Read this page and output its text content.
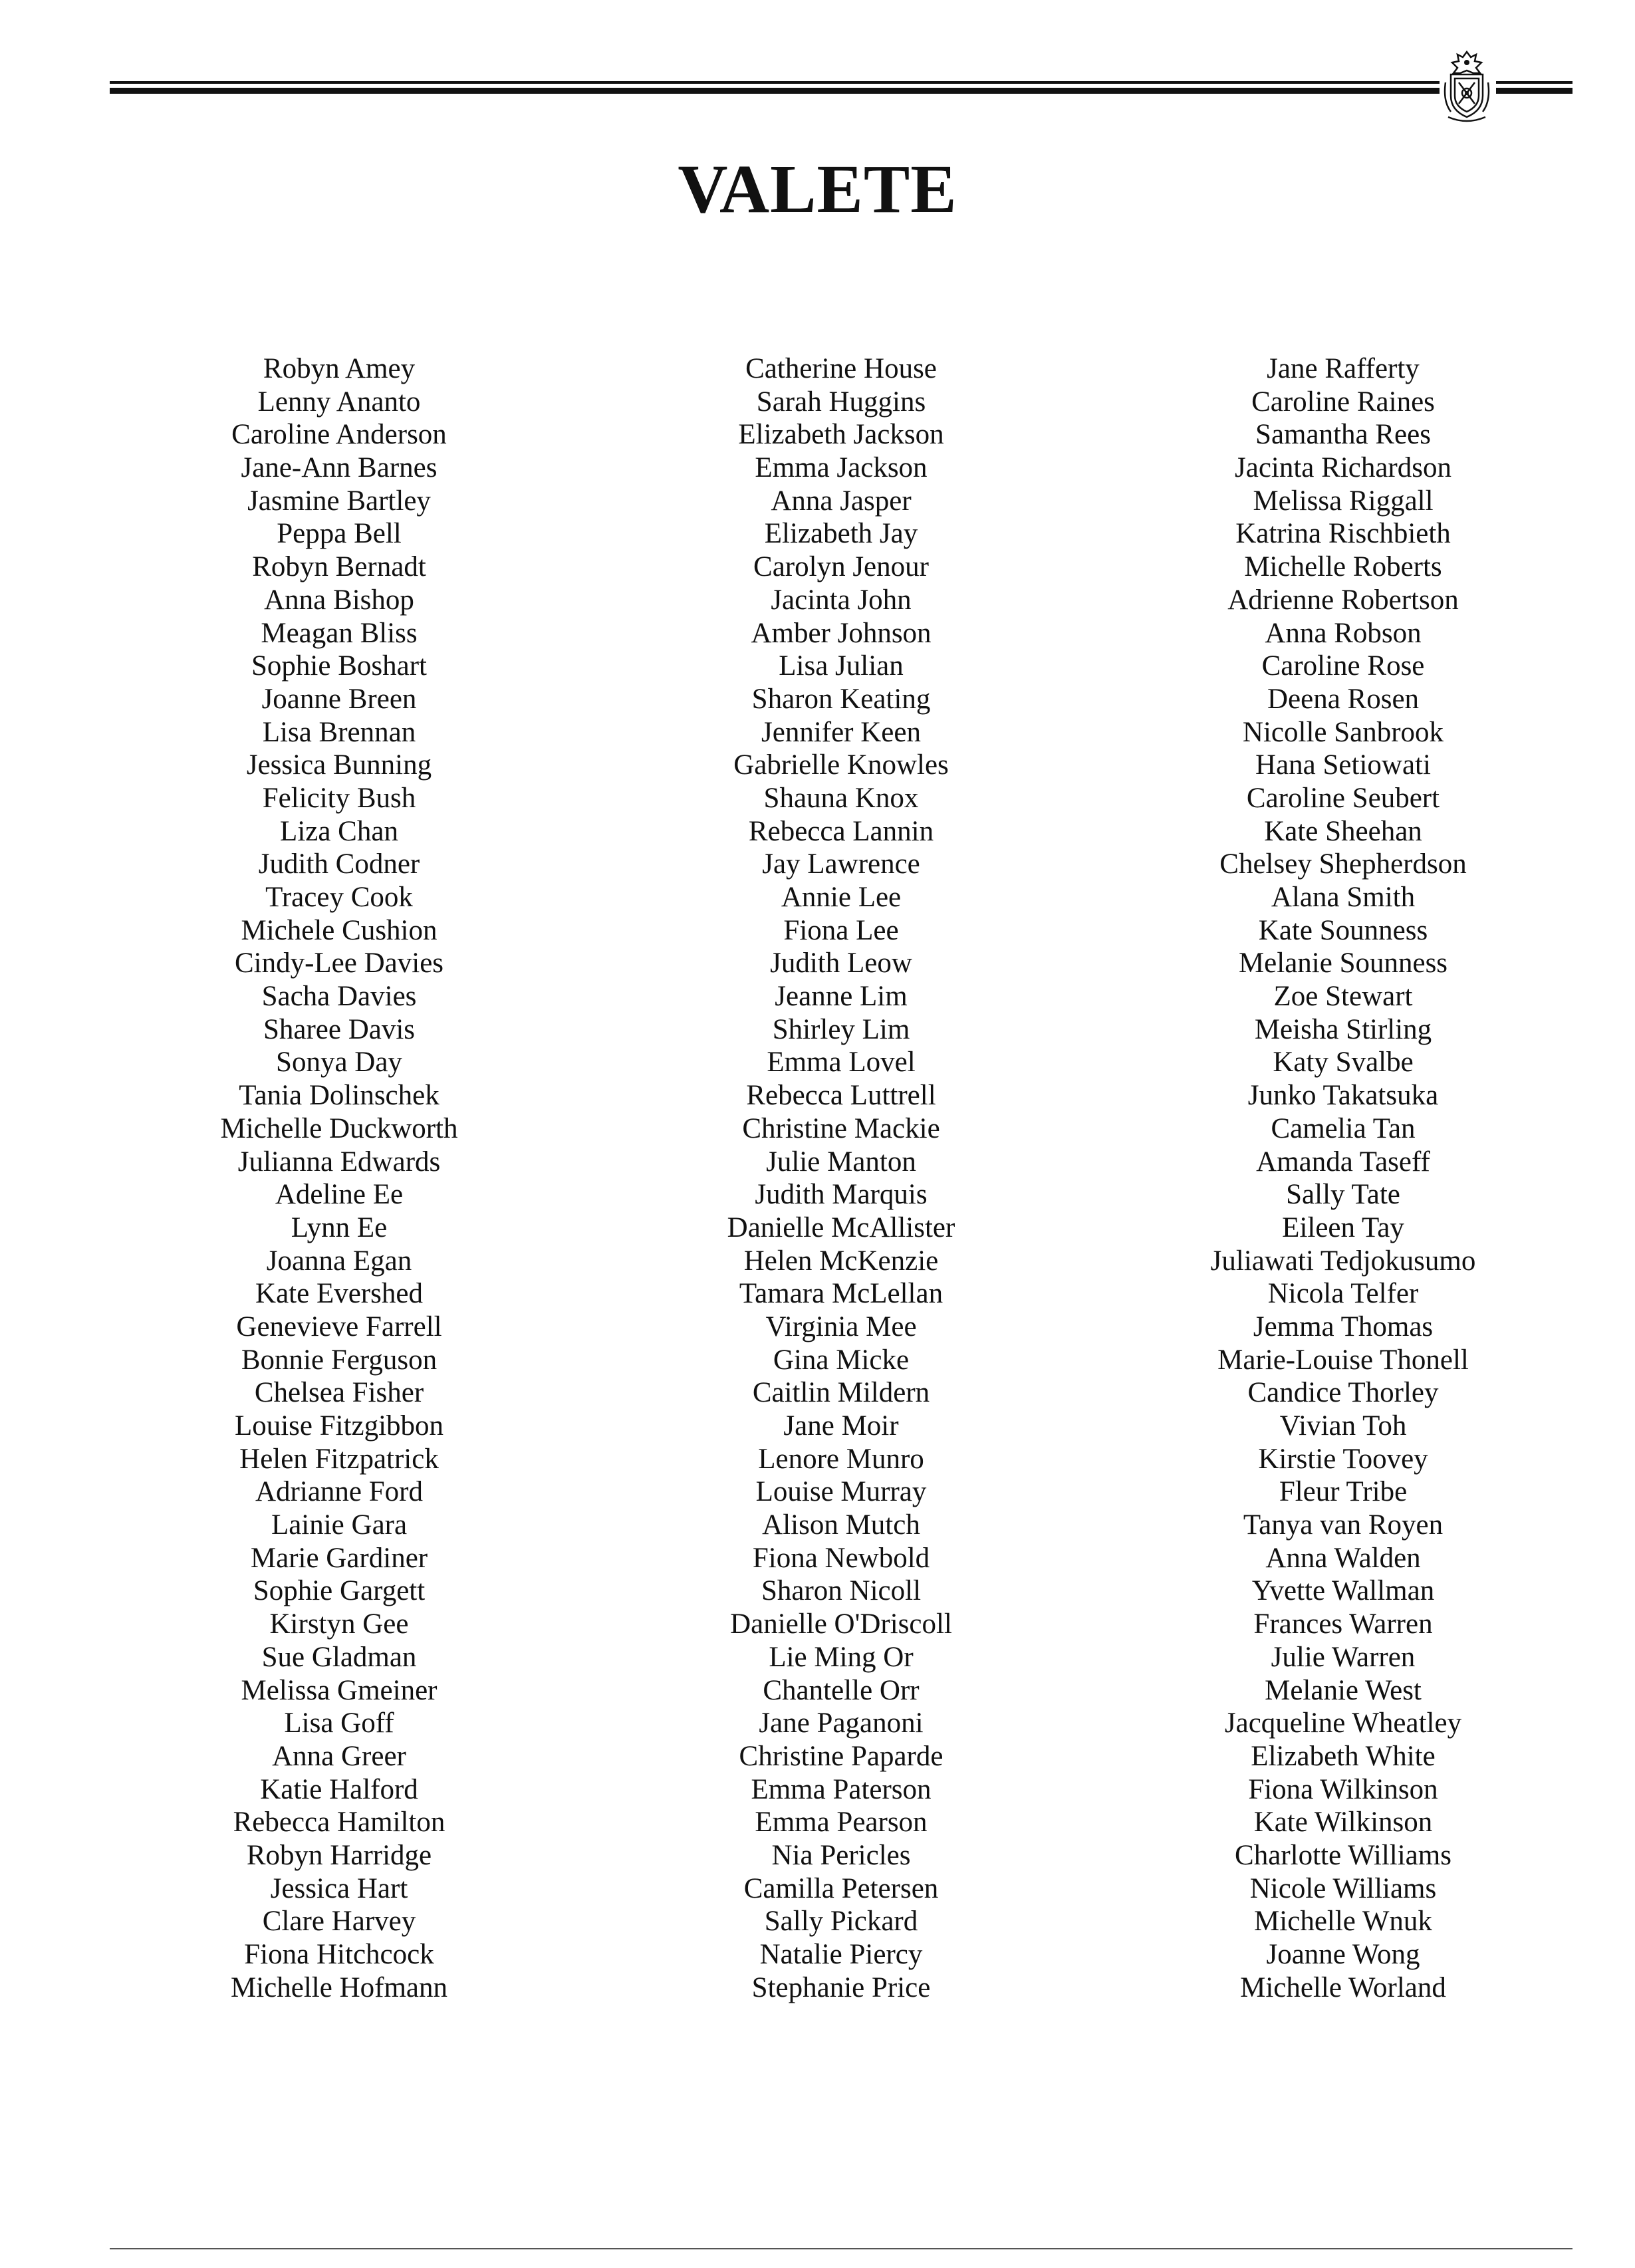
VALETE
Robyn Amey
Lenny Ananto
Caroline Anderson
Jane-Ann Barnes
Jasmine Bartley
Peppa Bell
Robyn Bernadt
Anna Bishop
Meagan Bliss
Sophie Boshart
Joanne Breen
Lisa Brennan
Jessica Bunning
Felicity Bush
Liza Chan
Judith Codner
Tracey Cook
Michele Cushion
Cindy-Lee Davies
Sacha Davies
Sharee Davis
Sonya Day
Tania Dolinschek
Michelle Duckworth
Julianna Edwards
Adeline Ee
Lynn Ee
Joanna Egan
Kate Evershed
Genevieve Farrell
Bonnie Ferguson
Chelsea Fisher
Louise Fitzgibbon
Helen Fitzpatrick
Adrianne Ford
Lainie Gara
Marie Gardiner
Sophie Gargett
Kirstyn Gee
Sue Gladman
Melissa Gmeiner
Lisa Goff
Anna Greer
Katie Halford
Rebecca Hamilton
Robyn Harridge
Jessica Hart
Clare Harvey
Fiona Hitchcock
Michelle Hofmann
Catherine House
Sarah Huggins
Elizabeth Jackson
Emma Jackson
Anna Jasper
Elizabeth Jay
Carolyn Jenour
Jacinta John
Amber Johnson
Lisa Julian
Sharon Keating
Jennifer Keen
Gabrielle Knowles
Shauna Knox
Rebecca Lannin
Jay Lawrence
Annie Lee
Fiona Lee
Judith Leow
Jeanne Lim
Shirley Lim
Emma Lovel
Rebecca Luttrell
Christine Mackie
Julie Manton
Judith Marquis
Danielle McAllister
Helen McKenzie
Tamara McLellan
Virginia Mee
Gina Micke
Caitlin Mildern
Jane Moir
Lenore Munro
Louise Murray
Alison Mutch
Fiona Newbold
Sharon Nicoll
Danielle O'Driscoll
Lie Ming Or
Chantelle Orr
Jane Paganoni
Christine Paparde
Emma Paterson
Emma Pearson
Nia Pericles
Camilla Petersen
Sally Pickard
Natalie Piercy
Stephanie Price
Jane Rafferty
Caroline Raines
Samantha Rees
Jacinta Richardson
Melissa Riggall
Katrina Rischbieth
Michelle Roberts
Adrienne Robertson
Anna Robson
Caroline Rose
Deena Rosen
Nicolle Sanbrook
Hana Setiowati
Caroline Seubert
Kate Sheehan
Chelsey Shepherdson
Alana Smith
Kate Sounness
Melanie Sounness
Zoe Stewart
Meisha Stirling
Katy Svalbe
Junko Takatsuka
Camelia Tan
Amanda Taseff
Sally Tate
Eileen Tay
Juliawati Tedjokusumo
Nicola Telfer
Jemma Thomas
Marie-Louise Thonell
Candice Thorley
Vivian Toh
Kirstie Toovey
Fleur Tribe
Tanya van Royen
Anna Walden
Yvette Wallman
Frances Warren
Julie Warren
Melanie West
Jacqueline Wheatley
Elizabeth White
Fiona Wilkinson
Kate Wilkinson
Charlotte Williams
Nicole Williams
Michelle Wnuk
Joanne Wong
Michelle Worland
